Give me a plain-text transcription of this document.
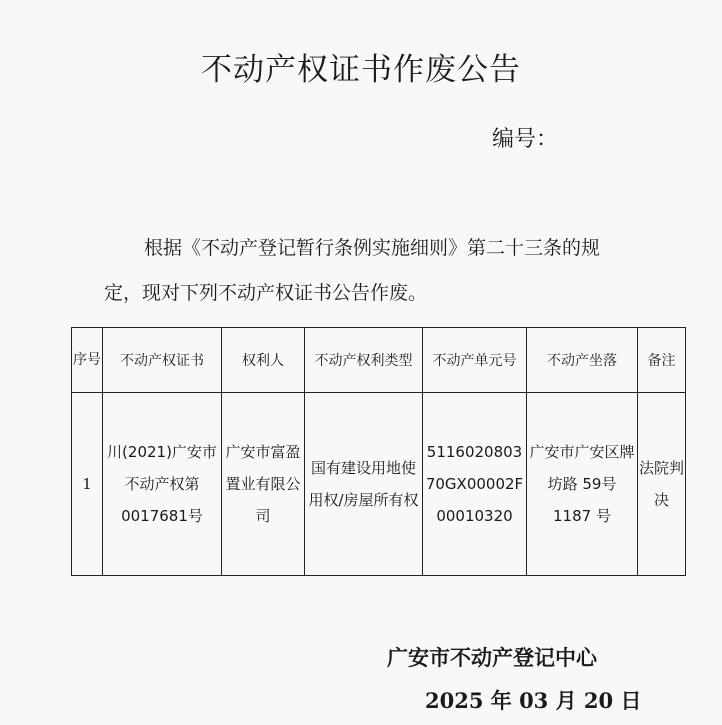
不动产权证书作废公告
编号：
根据《不动产登记暂行条例实施细则》第二十三条的规
定，现对下列不动产权证书公告作废。
序号	不动产权证书	权利人	不动产权利类型	不动产单元号	不动产坐落	备注
1	川(2021)广安市不动产权第 0017681号	广安市富盈置业有限公司	国有建设用地使用权/房屋所有权	511602080370GX00002F00010320	广安市广安区牌坊路 59号 1187 号	法院判决
广安市不动产登记中心
2025 年 03 月 20 日
